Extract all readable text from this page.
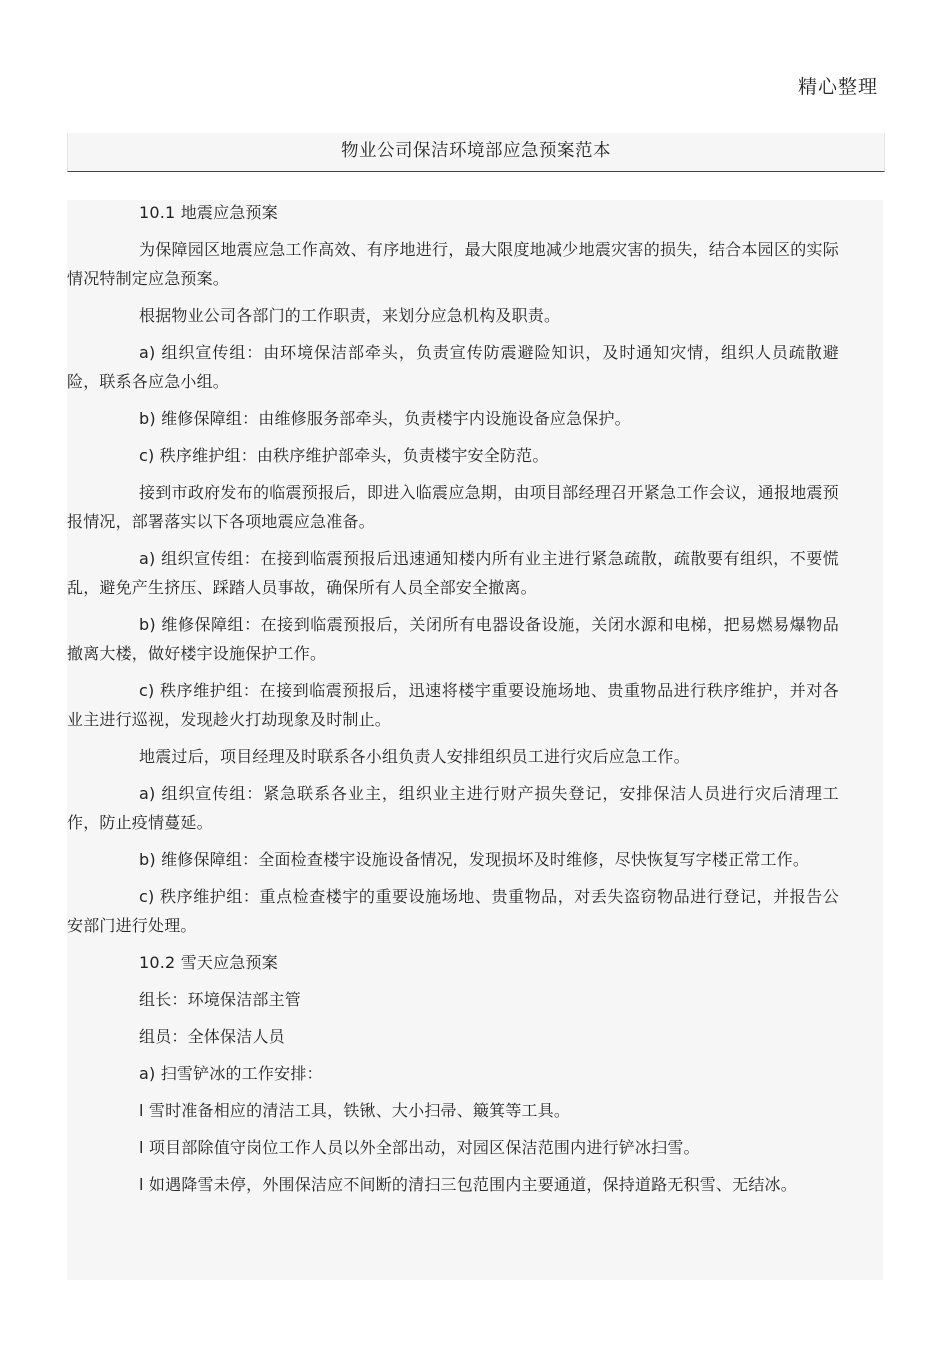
精心整理
物业公司保洁环境部应急预案范本

10.1 地震应急预案

为保障园区地震应急工作高效、有序地进行，最大限度地减少地震灾害的损失，结合本园区的实际情况特制定应急预案。

根据物业公司各部门的工作职责，来划分应急机构及职责。

a) 组织宣传组：由环境保洁部牵头，负责宣传防震避险知识，及时通知灾情，组织人员疏散避险，联系各应急小组。

b) 维修保障组：由维修服务部牵头，负责楼宇内设施设备应急保护。

c) 秩序维护组：由秩序维护部牵头，负责楼宇安全防范。

接到市政府发布的临震预报后，即进入临震应急期，由项目部经理召开紧急工作会议，通报地震预报情况，部署落实以下各项地震应急准备。

a) 组织宣传组：在接到临震预报后迅速通知楼内所有业主进行紧急疏散，疏散要有组织，不要慌乱，避免产生挤压、踩踏人员事故，确保所有人员全部安全撤离。

b) 维修保障组：在接到临震预报后，关闭所有电器设备设施，关闭水源和电梯，把易燃易爆物品撤离大楼，做好楼宇设施保护工作。

c) 秩序维护组：在接到临震预报后，迅速将楼宇重要设施场地、贵重物品进行秩序维护，并对各业主进行巡视，发现趁火打劫现象及时制止。

地震过后，项目经理及时联系各小组负责人安排组织员工进行灾后应急工作。

a) 组织宣传组：紧急联系各业主，组织业主进行财产损失登记，安排保洁人员进行灾后清理工作，防止疫情蔓延。

b) 维修保障组：全面检查楼宇设施设备情况，发现损坏及时维修，尽快恢复写字楼正常工作。

c) 秩序维护组：重点检查楼宇的重要设施场地、贵重物品，对丢失盗窃物品进行登记，并报告公安部门进行处理。

10.2 雪天应急预案

组长：环境保洁部主管

组员：全体保洁人员

a) 扫雪铲冰的工作安排：

l 雪时准备相应的清洁工具，铁锹、大小扫帚、簸箕等工具。

l 项目部除值守岗位工作人员以外全部出动，对园区保洁范围内进行铲冰扫雪。

l 如遇降雪未停，外围保洁应不间断的清扫三包范围内主要通道，保持道路无积雪、无结冰。
